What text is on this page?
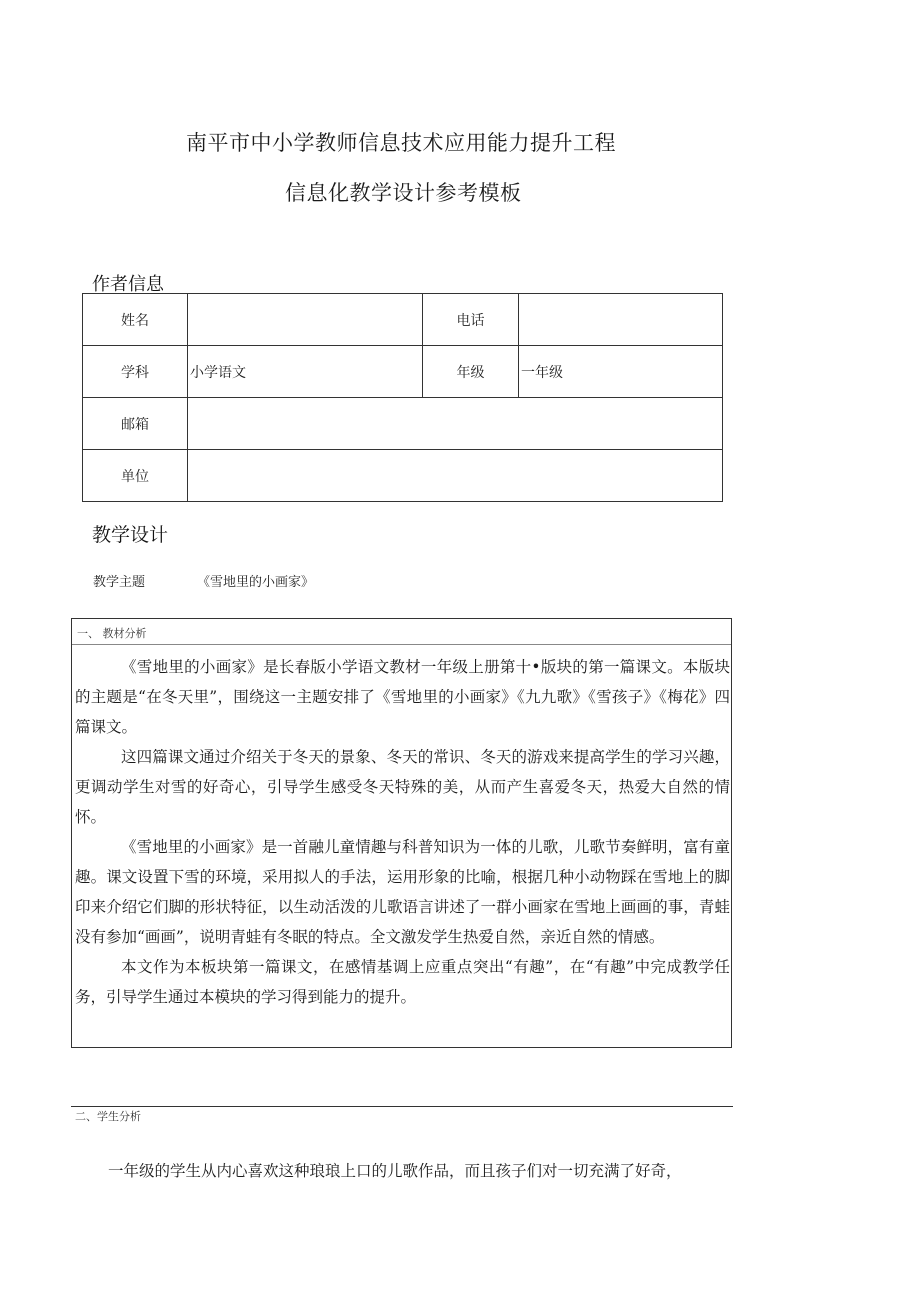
南平市中小学教师信息技术应用能力提升工程
信息化教学设计参考模板
作者信息
姓名		电话	
学科	小学语文	年级	一年级
邮箱			
单位			
教学设计
教学主题	《雪地里的小画家》
一、 教材分析

《雪地里的小画家》是长春版小学语文教材一年级上册第十•版块的第一篇课文。本版块的主题是“在冬天里”，围绕这一主题安排了《雪地里的小画家》《九九歌》《雪孩子》《梅花》四篇课文。

这四篇课文通过介绍关于冬天的景象、冬天的常识、冬天的游戏来提高学生的学习兴趣，更调动学生对雪的好奇心，引导学生感受冬天特殊的美，从而产生喜爱冬天，热爱大自然的情怀。

《雪地里的小画家》是一首融儿童情趣与科普知识为一体的儿歌，儿歌节奏鲜明，富有童趣。课文设置下雪的环境，采用拟人的手法，运用形象的比喻，根据几种小动物踩在雪地上的脚印来介绍它们脚的形状特征，以生动活泼的儿歌语言讲述了一群小画家在雪地上画画的事，青蛙没有参加“画画”，说明青蛙有冬眠的特点。全文激发学生热爱自然，亲近自然的情感。

本文作为本板块第一篇课文，在感情基调上应重点突出“有趣”，在“有趣”中完成教学任务，引导学生通过本模块的学习得到能力的提升。

二、学生分析
一年级的学生从内心喜欢这种琅琅上口的儿歌作品，而且孩子们对一切充满了好奇，
